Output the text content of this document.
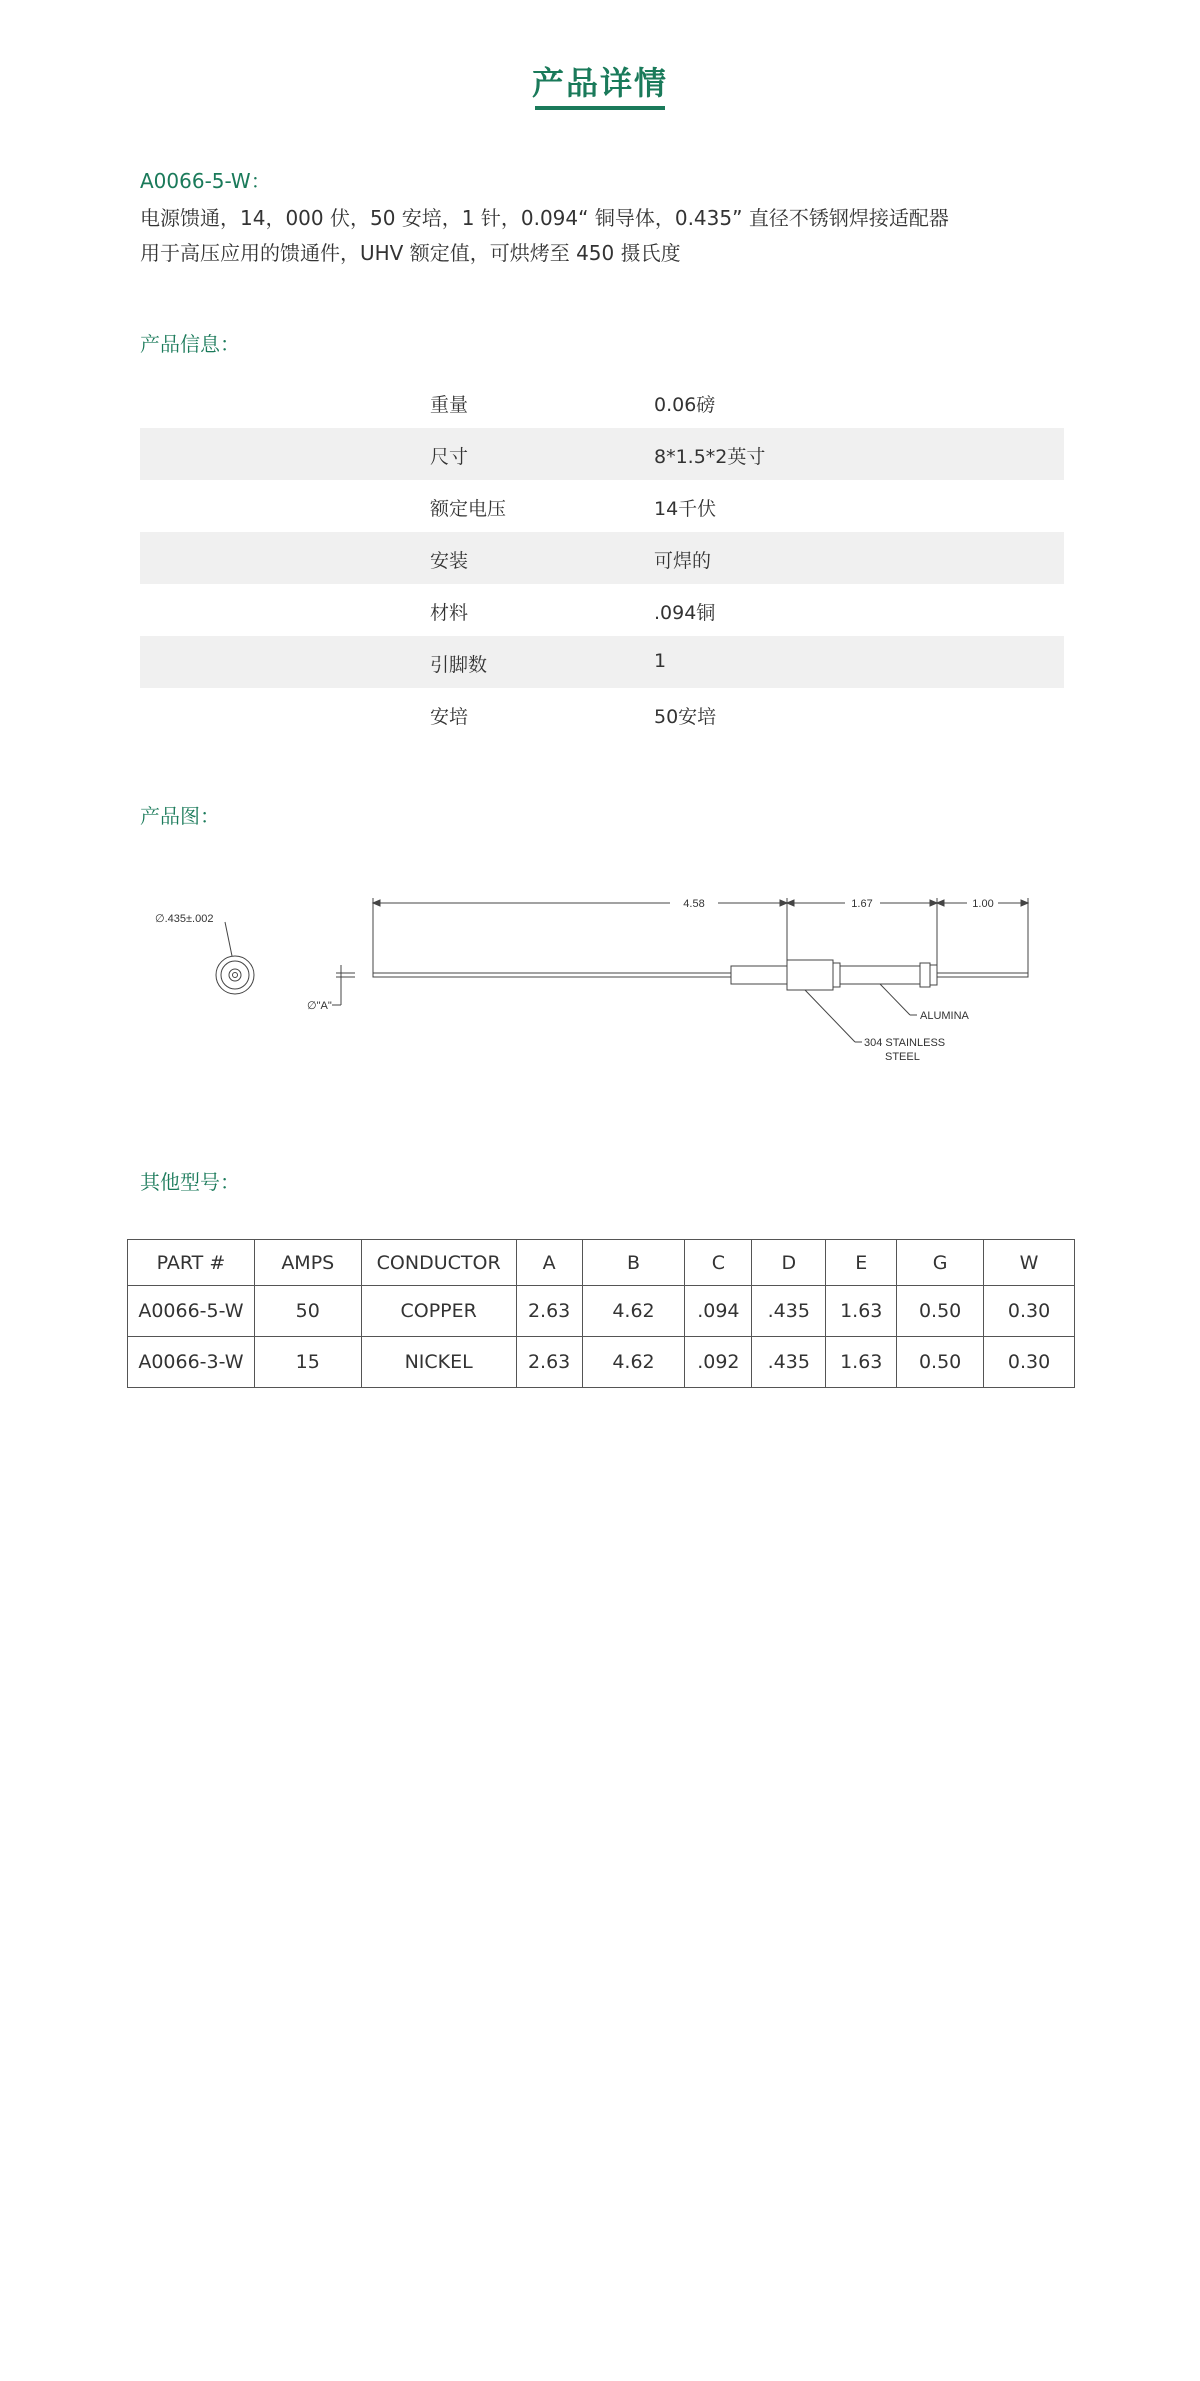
产品详情
A0066-5-W：
电源馈通，14，000 伏，50 安培，1 针，0.094“ 铜导体，0.435” 直径不锈钢焊接适配器
用于高压应用的馈通件，UHV 额定值，可烘烤至 450 摄氏度
产品信息：
重量	0.06磅
尺寸	8*1.5*2英寸
额定电压	14千伏
安装	可焊的
材料	.094铜
引脚数	1
安培	50安培
产品图：
∅.435±.002
∅"A"
4.58	1.67	1.00
ALUMINA
304 STAINLESS
STEEL
其他型号：
PART #	AMPS	CONDUCTOR	A	B	C	D	E	G	W
A0066-5-W	50	COPPER	2.63	4.62	.094	.435	1.63	0.50	0.30
A0066-3-W	15	NICKEL	2.63	4.62	.092	.435	1.63	0.50	0.30
